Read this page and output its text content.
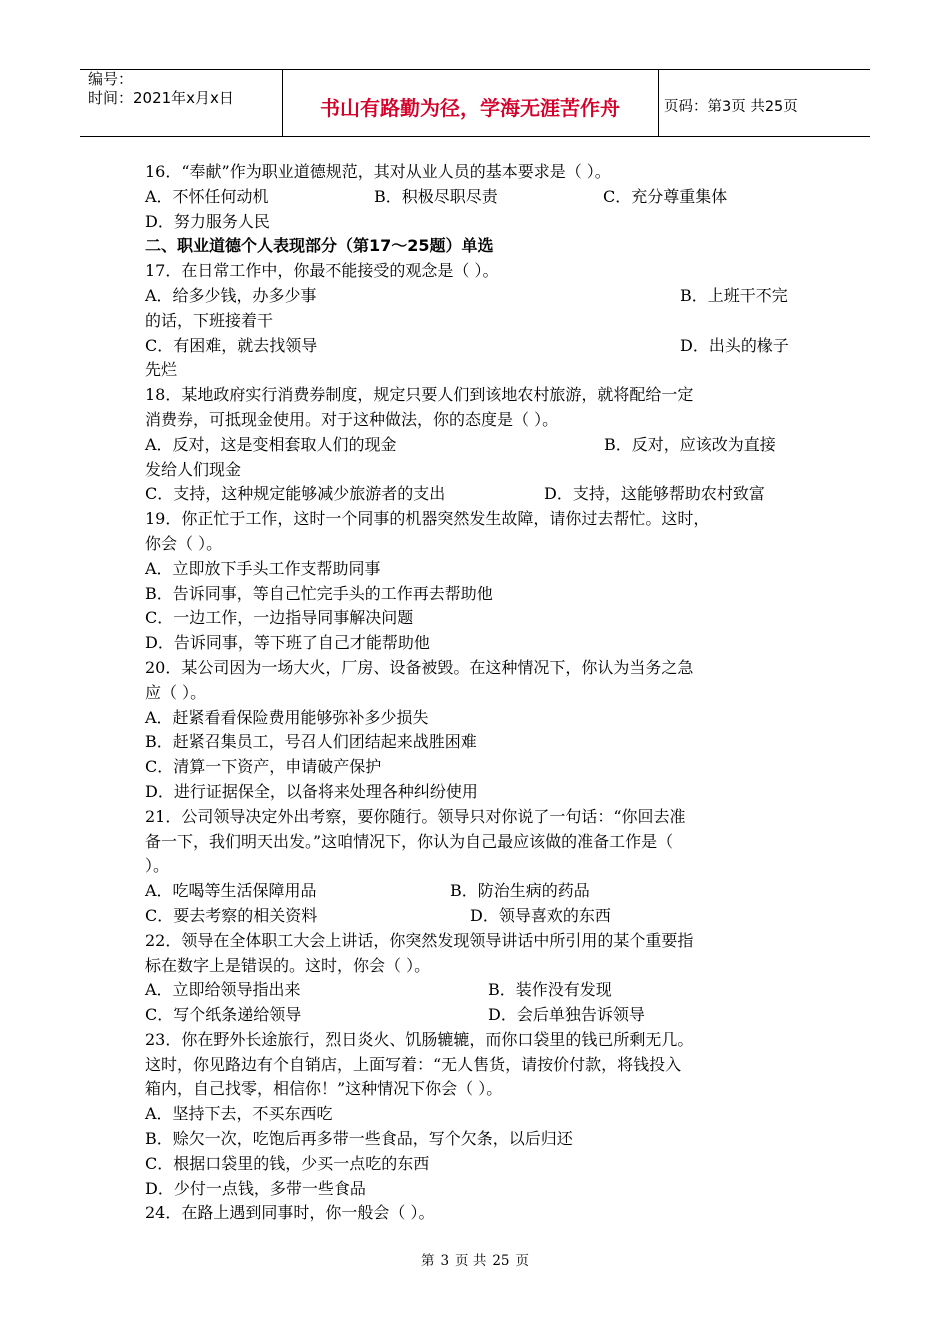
编号：
时间：2021年x月x日	书山有路勤为径，学海无涯苦作舟	页码：第3页 共25页
16．“奉献”作为职业道德规范，其对从业人员的基本要求是（ ）。
A．不怀任何动机	B．积极尽职尽责	C．充分尊重集体
D．努力服务人民
二、职业道德个人表现部分（第17～25题）单选
17．在日常工作中，你最不能接受的观念是（ ）。
A．给多少钱，办多少事	B．上班干不完
的话，下班接着干
C．有困难，就去找领导	D．出头的椽子
先烂
18．某地政府实行消费券制度，规定只要人们到该地农村旅游，就将配给一定
消费券，可抵现金使用。对于这种做法，你的态度是（ ）。
A．反对，这是变相套取人们的现金	B．反对，应该改为直接
发给人们现金
C．支持，这种规定能够减少旅游者的支出	D．支持，这能够帮助农村致富
19．你正忙于工作，这时一个同事的机器突然发生故障，请你过去帮忙。这时，
你会（ ）。
A．立即放下手头工作支帮助同事
B．告诉同事，等自己忙完手头的工作再去帮助他
C．一边工作，一边指导同事解决问题
D．告诉同事，等下班了自己才能帮助他
20．某公司因为一场大火，厂房、设备被毁。在这种情况下，你认为当务之急
应（ ）。
A．赶紧看看保险费用能够弥补多少损失
B．赶紧召集员工，号召人们团结起来战胜困难
C．清算一下资产，申请破产保护
D．进行证据保全，以备将来处理各种纠纷使用
21．公司领导决定外出考察，要你随行。领导只对你说了一句话：“你回去准
备一下，我们明天出发。”这咱情况下，你认为自己最应该做的准备工作是（
）。
A．吃喝等生活保障用品	B．防治生病的药品
C．要去考察的相关资料	D．领导喜欢的东西
22．领导在全体职工大会上讲话，你突然发现领导讲话中所引用的某个重要指
标在数字上是错误的。这时，你会（ ）。
A．立即给领导指出来	B．装作没有发现
C．写个纸条递给领导	D．会后单独告诉领导
23．你在野外长途旅行，烈日炎火、饥肠辘辘，而你口袋里的钱已所剩无几。
这时，你见路边有个自销店，上面写着：“无人售货，请按价付款，将钱投入
箱内，自己找零，相信你！”这种情况下你会（ ）。
A．坚持下去，不买东西吃
B．赊欠一次，吃饱后再多带一些食品，写个欠条，以后归还
C．根据口袋里的钱，少买一点吃的东西
D．少付一点钱，多带一些食品
24．在路上遇到同事时，你一般会（ ）。
第 3 页 共 25 页
